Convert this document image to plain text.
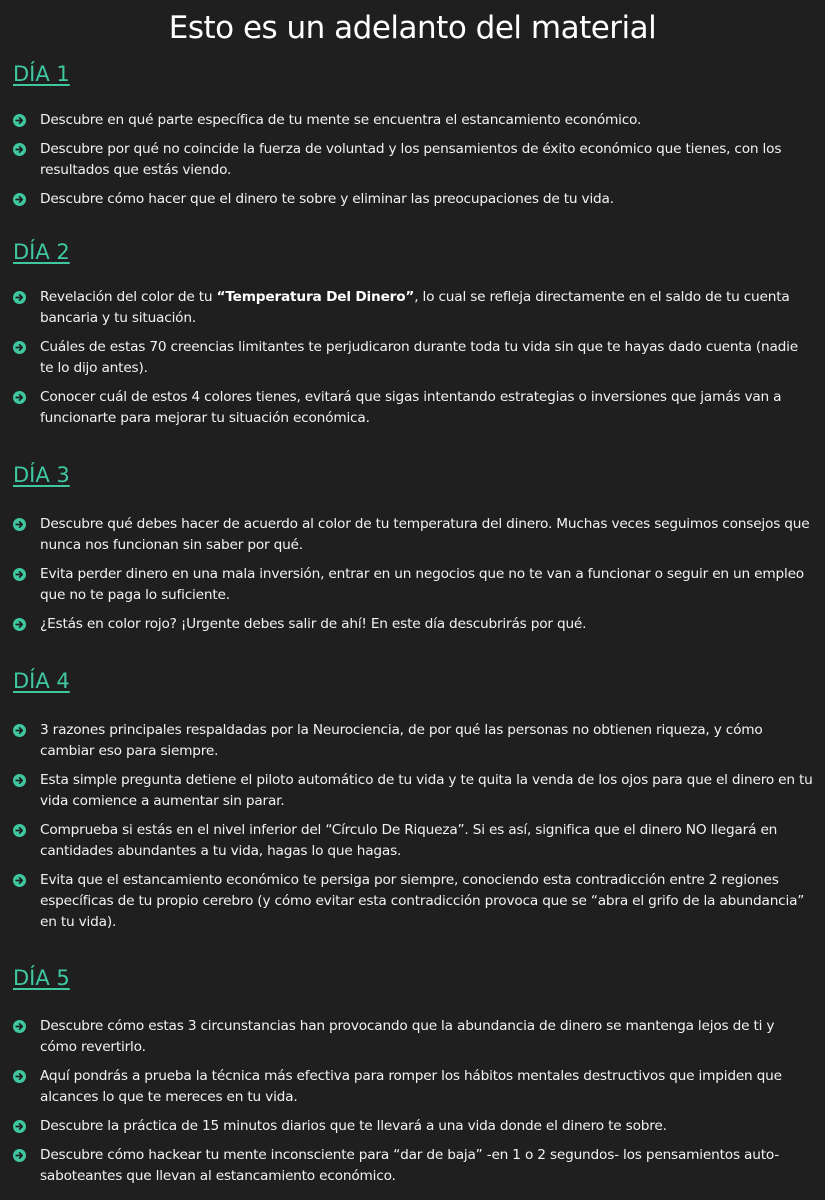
Esto es un adelanto del material
DÍA 1
Descubre en qué parte específica de tu mente se encuentra el estancamiento económico.
Descubre por qué no coincide la fuerza de voluntad y los pensamientos de éxito económico que tienes, con los resultados que estás viendo.
Descubre cómo hacer que el dinero te sobre y eliminar las preocupaciones de tu vida.
DÍA 2
Revelación del color de tu “Temperatura Del Dinero”, lo cual se refleja directamente en el saldo de tu cuenta bancaria y tu situación.
Cuáles de estas 70 creencias limitantes te perjudicaron durante toda tu vida sin que te hayas dado cuenta (nadie te lo dijo antes).
Conocer cuál de estos 4 colores tienes, evitará que sigas intentando estrategias o inversiones que jamás van a funcionarte para mejorar tu situación económica.
DÍA 3
Descubre qué debes hacer de acuerdo al color de tu temperatura del dinero. Muchas veces seguimos consejos que nunca nos funcionan sin saber por qué.
Evita perder dinero en una mala inversión, entrar en un negocios que no te van a funcionar o seguir en un empleo que no te paga lo suficiente.
¿Estás en color rojo? ¡Urgente debes salir de ahí! En este día descubrirás por qué.
DÍA 4
3 razones principales respaldadas por la Neurociencia, de por qué las personas no obtienen riqueza, y cómo cambiar eso para siempre.
Esta simple pregunta detiene el piloto automático de tu vida y te quita la venda de los ojos para que el dinero en tu vida comience a aumentar sin parar.
Comprueba si estás en el nivel inferior del “Círculo De Riqueza”. Si es así, significa que el dinero NO llegará en cantidades abundantes a tu vida, hagas lo que hagas.
Evita que el estancamiento económico te persiga por siempre, conociendo esta contradicción entre 2 regiones específicas de tu propio cerebro (y cómo evitar esta contradicción provoca que se “abra el grifo de la abundancia” en tu vida).
DÍA 5
Descubre cómo estas 3 circunstancias han provocando que la abundancia de dinero se mantenga lejos de ti y cómo revertirlo.
Aquí pondrás a prueba la técnica más efectiva para romper los hábitos mentales destructivos que impiden que alcances lo que te mereces en tu vida.
Descubre la práctica de 15 minutos diarios que te llevará a una vida donde el dinero te sobre.
Descubre cómo hackear tu mente inconsciente para “dar de baja” -en 1 o 2 segundos- los pensamientos auto-saboteantes que llevan al estancamiento económico.
